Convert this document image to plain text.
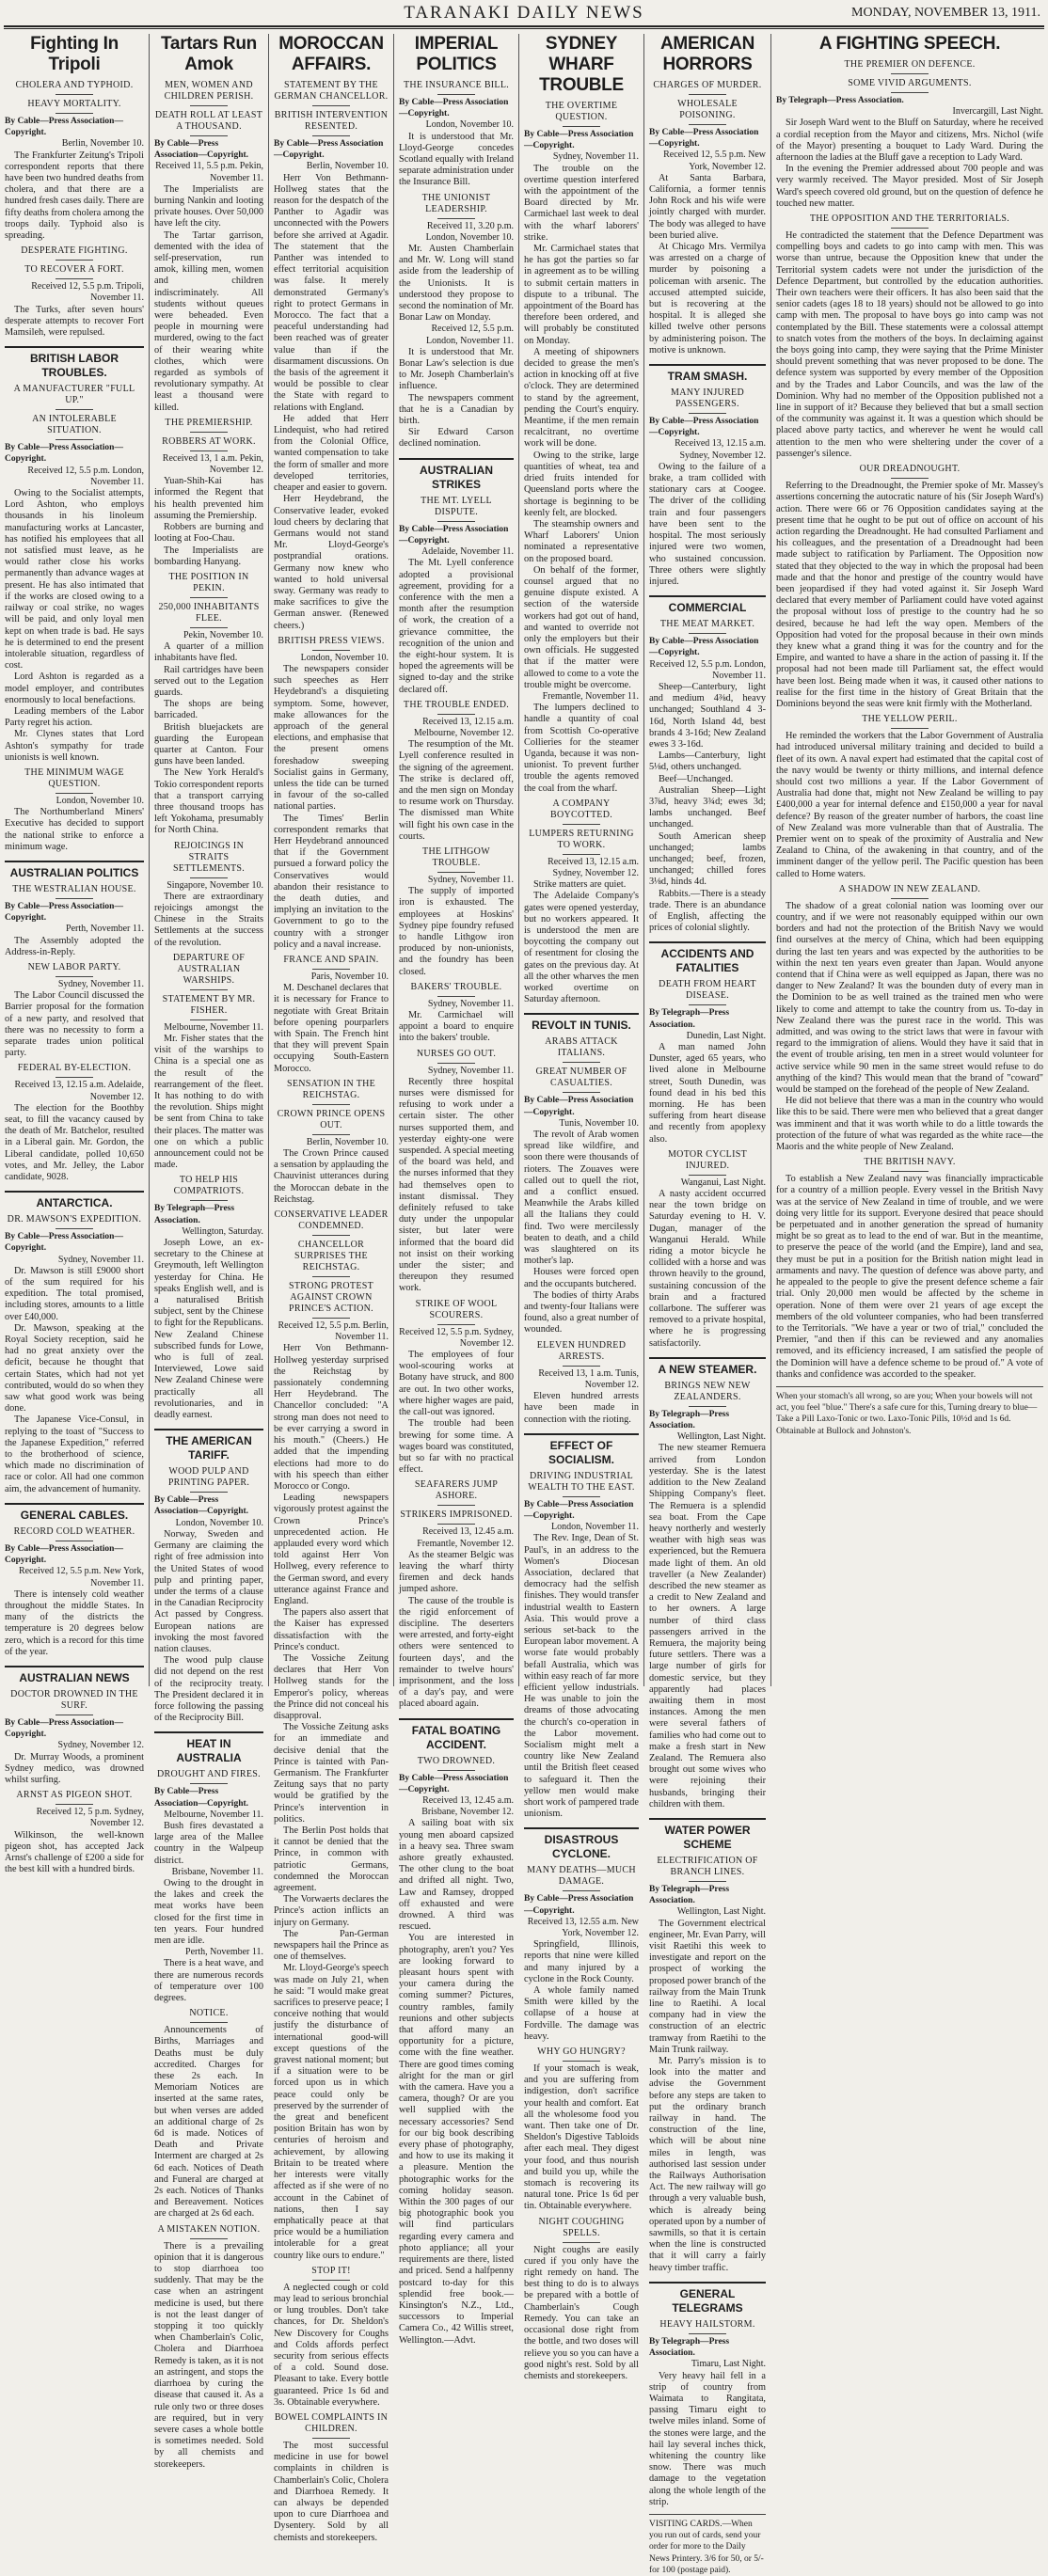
TARANAKI DAILY NEWS	MONDAY, NOVEMBER 13, 1911.
Fighting In Tripoli
CHOLERA AND TYPHOID.
HEAVY MORTALITY.
By Cable—Press Association—Copyright.
Berlin, November 10.

The Frankfurter Zeitung's Tripoli correspondent reports that there have been two hundred deaths from cholera, and that there are a hundred fresh cases daily. There are fifty deaths from cholera among the troops daily. Typhoid also is spreading.

DESPERATE FIGHTING.
TO RECOVER A FORT.
Received 12, 5.5 p.m. Tripoli, November 11.

The Turks, after seven hours' desperate attempts to recover Fort Mamsileh, were repulsed.

BRITISH LABOR TROUBLES.
A MANUFACTURER "FULL UP."
AN INTOLERABLE SITUATION.
By Cable—Press Association—Copyright.
Received 12, 5.5 p.m. London, November 11.

Owing to the Socialist attempts, Lord Ashton, who employs thousands in his linoleum manufacturing works at Lancaster, has notified his employees that all not satisfied must leave, as he would rather close his works permanently than advance wages at present. He has also intimated that if the works are closed owing to a railway or coal strike, no wages will be paid, and only loyal men kept on when trade is bad. He says he is determined to end the present intolerable situation, regardless of cost.

Lord Ashton is regarded as a model employer, and contributes enormously to local benefactions.

Leading members of the Labor Party regret his action.

Mr. Clynes states that Lord Ashton's sympathy for trade unionists is well known.

THE MINIMUM WAGE QUESTION.
London, November 10.

The Northumberland Miners' Executive has decided to support the national strike to enforce a minimum wage.

AUSTRALIAN POLITICS
THE WESTRALIAN HOUSE.
By Cable—Press Association—Copyright.
Perth, November 11.

The Assembly adopted the Address-in-Reply.

NEW LABOR PARTY.
Sydney, November 11.

The Labor Council discussed the Barrier proposal for the formation of a new party, and resolved that there was no necessity to form a separate trades union political party.

FEDERAL BY-ELECTION.
Received 13, 12.15 a.m. Adelaide, November 12.

The election for the Boothby seat, to fill the vacancy caused by the death of Mr. Batchelor, resulted in a Liberal gain. Mr. Gordon, the Liberal candidate, polled 10,650 votes, and Mr. Jelley, the Labor candidate, 9028.

ANTARCTICA.
DR. MAWSON'S EXPEDITION.
By Cable—Press Association—Copyright.
Sydney, November 11.

Dr. Mawson is still £9000 short of the sum required for his expedition. The total promised, including stores, amounts to a little over £40,000.

Dr. Mawson, speaking at the Royal Society reception, said he had no great anxiety over the deficit, because he thought that certain States, which had not yet contributed, would do so when they saw what good work was being done.

The Japanese Vice-Consul, in replying to the toast of "Success to the Japanese Expedition," referred to the brotherhood of science, which made no discrimination of race or color. All had one common aim, the advancement of humanity.

GENERAL CABLES.
RECORD COLD WEATHER.
By Cable—Press Association—Copyright.
Received 12, 5.5 p.m. New York, November 11.

There is intensely cold weather throughout the middle States. In many of the districts the temperature is 20 degrees below zero, which is a record for this time of the year.

AUSTRALIAN NEWS
DOCTOR DROWNED IN THE SURF.
By Cable—Press Association—Copyright.
Sydney, November 12.

Dr. Murray Woods, a prominent Sydney medico, was drowned whilst surfing.

ARNST AS PIGEON SHOT.
Received 12, 5 p.m. Sydney, November 12.

Wilkinson, the well-known pigeon shot, has accepted Jack Arnst's challenge of £200 a side for the best kill with a hundred birds.

Tartars Run Amok
MEN, WOMEN AND CHILDREN PERISH.
DEATH ROLL AT LEAST A THOUSAND.
By Cable—Press Association—Copyright.
Received 11, 5.5 p.m. Pekin, November 11.

The Imperialists are burning Nankin and looting private houses. Over 50,000 have left the city.

The Tartar garrison, demented with the idea of self-preservation, run amok, killing men, women and children indiscriminately. All students without queues were beheaded. Even people in mourning were murdered, owing to the fact of their wearing white clothes, which were regarded as symbols of revolutionary sympathy. At least a thousand were killed.

THE PREMIERSHIP.
ROBBERS AT WORK.
Received 13, 1 a.m. Pekin, November 12.

Yuan-Shih-Kai has informed the Regent that his health prevented him assuming the Premiership.

Robbers are burning and looting at Foo-Chau.

The Imperialists are bombarding Hanyang.

THE POSITION IN PEKIN.
250,000 INHABITANTS FLEE.
Pekin, November 10.

A quarter of a million inhabitants have fled.

Rail cartridges have been served out to the Legation guards.

The shops are being barricaded.

British bluejackets are guarding the European quarter at Canton. Four guns have been landed.

The New York Herald's Tokio correspondent reports that a transport carrying three thousand troops has left Yokohama, presumably for North China.

REJOICINGS IN STRAITS SETTLEMENTS.
Singapore, November 10.

There are extraordinary rejoicings amongst the Chinese in the Straits Settlements at the success of the revolution.

DEPARTURE OF AUSTRALIAN WARSHIPS.
STATEMENT BY MR. FISHER.
Melbourne, November 11.

Mr. Fisher states that the visit of the warships to China is a special one as the result of the rearrangement of the fleet. It has nothing to do with the revolution. Ships might be sent from China to take their places. The matter was one on which a public announcement could not be made.

TO HELP HIS COMPATRIOTS.
By Telegraph—Press Association.
Wellington, Saturday.

Joseph Lowe, an ex-secretary to the Chinese at Greymouth, left Wellington yesterday for China. He speaks English well, and is a naturalised British subject, sent by the Chinese to fight for the Republicans. New Zealand Chinese subscribed funds for Lowe, who is full of zeal. Interviewed, Lowe said New Zealand Chinese were practically all revolutionaries, and in deadly earnest.

THE AMERICAN TARIFF.
WOOD PULP AND PRINTING PAPER.
By Cable—Press Association—Copyright.
London, November 10.

Norway, Sweden and Germany are claiming the right of free admission into the United States of wood pulp and printing paper, under the terms of a clause in the Canadian Reciprocity Act passed by Congress. European nations are invoking the most favored nation clauses.

The wood pulp clause did not depend on the rest of the reciprocity treaty. The President declared it in force following the passing of the Reciprocity Bill.

HEAT IN AUSTRALIA
DROUGHT AND FIRES.
By Cable—Press Association—Copyright.
Melbourne, November 11.

Bush fires devastated a large area of the Mallee country in the Walpeup district.

Brisbane, November 11.

Owing to the drought in the lakes and creek the meat works have been closed for the first time in ten years. Four hundred men are idle.

Perth, November 11.

There is a heat wave, and there are numerous records of temperature over 100 degrees.

NOTICE.

Announcements of Births, Marriages and Deaths must be duly accredited. Charges for these 2s each. In Memoriam Notices are inserted at the same rates, but when verses are added an additional charge of 2s 6d is made. Notices of Death and Private Interment are charged at 2s 6d each. Notices of Death and Funeral are charged at 2s each. Notices of Thanks and Bereavement. Notices are charged at 2s 6d each.

A MISTAKEN NOTION.

There is a prevailing opinion that it is dangerous to stop diarrhoea too suddenly. That may be the case when an astringent medicine is used, but there is not the least danger of stopping it too quickly when Chamberlain's Colic, Cholera and Diarrhoea Remedy is taken, as it is not an astringent, and stops the diarrhoea by curing the disease that caused it. As a rule only two or three doses are required, but in very severe cases a whole bottle is sometimes needed. Sold by all chemists and storekeepers.

MOROCCAN AFFAIRS.
STATEMENT BY THE GERMAN CHANCELLOR.
BRITISH INTERVENTION RESENTED.
By Cable—Press Association—Copyright.
Berlin, November 10.

Herr Von Bethmann-Hollweg states that the reason for the despatch of the Panther to Agadir was unconnected with the Powers before she arrived at Agadir. The statement that the Panther was intended to effect territorial acquisition was false. It merely demonstrated Germany's right to protect Germans in Morocco. The fact that a peaceful understanding had been reached was of greater value than if the disarmament discussions. On the basis of the agreement it would be possible to clear the State with regard to relations with England.

He added that Herr Lindequist, who had retired from the Colonial Office, wanted compensation to take the form of smaller and more developed territories, cheaper and easier to govern.

Herr Heydebrand, the Conservative leader, evoked loud cheers by declaring that Germans would not stand Mr. Lloyd-George's postprandial orations. Germany now knew who wanted to hold universal sway. Germany was ready to make sacrifices to give the German answer. (Renewed cheers.)

BRITISH PRESS VIEWS.
London, November 10.

The newspapers consider such speeches as Herr Heydebrand's a disquieting symptom. Some, however, make allowances for the approach of the general elections, and emphasise that the present omens foreshadow sweeping Socialist gains in Germany, unless the tide can be turned in favour of the so-called national parties.

The Times' Berlin correspondent remarks that Herr Heydebrand announced that if the Government pursued a forward policy the Conservatives would abandon their resistance to the death duties, and implying an invitation to the Government to go to the country with a stronger policy and a naval increase.

FRANCE AND SPAIN.
Paris, November 10.

M. Deschanel declares that it is necessary for France to negotiate with Great Britain before opening pourparlers with Spain. The French hint that they will prevent Spain occupying South-Eastern Morocco.

SENSATION IN THE REICHSTAG.
CROWN PRINCE OPENS OUT.
Berlin, November 10.

The Crown Prince caused a sensation by applauding the Chauvinist utterances during the Moroccan debate in the Reichstag.

CONSERVATIVE LEADER CONDEMNED.
CHANCELLOR SURPRISES THE REICHSTAG.
STRONG PROTEST AGAINST CROWN PRINCE'S ACTION.
Received 12, 5.5 p.m. Berlin, November 11.

Herr Von Bethmann-Hollweg yesterday surprised the Reichstag by passionately condemning Herr Heydebrand. The Chancellor concluded: "A strong man does not need to be ever carrying a sword in his mouth." (Cheers.) He added that the impending elections had more to do with his speech than either Morocco or Congo.

Leading newspapers vigorously protest against the Crown Prince's unprecedented action. He applauded every word which told against Herr Von Hollweg, every reference to the German sword, and every utterance against France and England.

The papers also assert that the Kaiser has expressed dissatisfaction with the Prince's conduct.

The Vossiche Zeitung declares that Herr Von Hollweg stands for the Emperor's policy, whereas the Prince did not conceal his disapproval.

The Vossiche Zeitung asks for an immediate and decisive denial that the Prince is tainted with Pan-Germanism. The Frankfurter Zeitung says that no party would be gratified by the Prince's intervention in politics.

The Berlin Post holds that it cannot be denied that the Prince, in common with patriotic Germans, condemned the Moroccan agreement.

The Vorwaerts declares the Prince's action inflicts an injury on Germany.

The Pan-German newspapers hail the Prince as one of themselves.

Mr. Lloyd-George's speech was made on July 21, when he said: "I would make great sacrifices to preserve peace; I conceive nothing that would justify the disturbance of international good-will except questions of the gravest national moment; but if a situation were to be forced upon us in which peace could only be preserved by the surrender of the great and beneficent position Britain has won by centuries of heroism and achievement, by allowing Britain to be treated where her interests were vitally affected as if she were of no account in the Cabinet of nations, then I say emphatically peace at that price would be a humiliation intolerable for a great country like ours to endure."

STOP IT!

A neglected cough or cold may lead to serious bronchial or lung troubles. Don't take chances, for Dr. Sheldon's New Discovery for Coughs and Colds affords perfect security from serious effects of a cold. Sound dose. Pleasant to take. Every bottle guaranteed. Price 1s 6d and 3s. Obtainable everywhere.

BOWEL COMPLAINTS IN CHILDREN.

The most successful medicine in use for bowel complaints in children is Chamberlain's Colic, Cholera and Diarrhoea Remedy. It can always be depended upon to cure Diarrhoea and Dysentery. Sold by all chemists and storekeepers.

IMPERIAL POLITICS
THE INSURANCE BILL.
By Cable—Press Association—Copyright.
London, November 10.

It is understood that Mr. Lloyd-George concedes Scotland equally with Ireland separate administration under the Insurance Bill.

THE UNIONIST LEADERSHIP.
Received 11, 3.20 p.m. London, November 10.

Mr. Austen Chamberlain and Mr. W. Long will stand aside from the leadership of the Unionists. It is understood they propose to second the nomination of Mr. Bonar Law on Monday.

Received 12, 5.5 p.m. London, November 11.

It is understood that Mr. Bonar Law's selection is due to Mr. Joseph Chamberlain's influence.

The newspapers comment that he is a Canadian by birth.

Sir Edward Carson declined nomination.

AUSTRALIAN STRIKES
THE MT. LYELL DISPUTE.
By Cable—Press Association—Copyright.
Adelaide, November 11.

The Mt. Lyell conference adopted a provisional agreement, providing for a conference with the men a month after the resumption of work, the creation of a grievance committee, the recognition of the union and the eight-hour system. It is hoped the agreements will be signed to-day and the strike declared off.

THE TROUBLE ENDED.
Received 13, 12.15 a.m. Melbourne, November 12.

The resumption of the Mt. Lyell conference resulted in the signing of the agreement. The strike is declared off, and the men sign on Monday to resume work on Thursday. The dismissed man White will fight his own case in the courts.

THE LITHGOW TROUBLE.
Sydney, November 11.

The supply of imported iron is exhausted. The employees at Hoskins' Sydney pipe foundry refused to handle Lithgow iron produced by non-unionists, and the foundry has been closed.

BAKERS' TROUBLE.
Sydney, November 11.

Mr. Carmichael will appoint a board to enquire into the bakers' trouble.

NURSES GO OUT.
Sydney, November 11.

Recently three hospital nurses were dismissed for refusing to work under a certain sister. The other nurses supported them, and yesterday eighty-one were suspended. A special meeting of the board was held, and the nurses informed that they had themselves open to instant dismissal. They definitely refused to take duty under the unpopular sister, but later were informed that the board did not insist on their working under the sister; and thereupon they resumed work.

STRIKE OF WOOL SCOURERS.
Received 12, 5.5 p.m. Sydney, November 12.

The employees of four wool-scouring works at Botany have struck, and 800 are out. In two other works, where higher wages are paid, the call-out was ignored.

The trouble had been brewing for some time. A wages board was constituted, but so far with no practical effect.

SEAFARERS JUMP ASHORE.
STRIKERS IMPRISONED.
Received 13, 12.45 a.m. Fremantle, November 12.

As the steamer Belgic was leaving the wharf thirty firemen and deck hands jumped ashore.

The cause of the trouble is the rigid enforcement of discipline. The deserters were arrested, and forty-eight others were sentenced to fourteen days', and the remainder to twelve hours' imprisonment, and the loss of a day's pay, and were placed aboard again.

FATAL BOATING ACCIDENT.
TWO DROWNED.
By Cable—Press Association—Copyright.
Received 13, 12.45 a.m. Brisbane, November 12.

A sailing boat with six young men aboard capsized in a heavy sea. Three swam ashore greatly exhausted. The other clung to the boat and drifted all night. Two, Law and Ramsey, dropped off exhausted and were drowned. A third was rescued.

You are interested in photography, aren't you? Yes are looking forward to pleasant hours spent with your camera during the coming summer? Pictures, country rambles, family reunions and other subjects that afford many an opportunity for a picture, come with the fine weather. There are good times coming alright for the man or girl with the camera. Have you a camera, though? Or are you well supplied with the necessary accessories? Send for our big book describing every phase of photography, and how to use its making it a pleasure. Mention the photographic works for the coming holiday season. Within the 300 pages of our big photographic book you will find particulars regarding every camera and photo appliance; all your requirements are there, listed and priced. Send a halfpenny postcard to-day for this splendid free book.—Kinsington's N.Z., Ltd., successors to Imperial Camera Co., 42 Willis street, Wellington.—Advt.

SYDNEY WHARF TROUBLE
THE OVERTIME QUESTION.
By Cable—Press Association—Copyright.
Sydney, November 11.

The trouble on the overtime question interfered with the appointment of the Board directed by Mr. Carmichael last week to deal with the wharf laborers' strike.

Mr. Carmichael states that he has got the parties so far in agreement as to be willing to submit certain matters in dispute to a tribunal. The appointment of the Board has therefore been ordered, and will probably be constituted on Monday.

A meeting of shipowners decided to grease the men's action in knocking off at five o'clock. They are determined to stand by the agreement, pending the Court's enquiry. Meantime, if the men remain recalcitrant, no overtime work will be done.

Owing to the strike, large quantities of wheat, tea and dried fruits intended for Queensland ports where the shortage is beginning to be keenly felt, are blocked.

The steamship owners and Wharf Laborers' Union nominated a representative on the proposed board.

On behalf of the former, counsel argued that no genuine dispute existed. A section of the waterside workers had got out of hand, and wanted to override not only the employers but their own officials. He suggested that if the matter were allowed to come to a vote the trouble might be overcome.

Fremantle, November 11.

The lumpers declined to handle a quantity of coal from Scottish Co-operative Collieries for the steamer Uganda, because it was non-unionist. To prevent further trouble the agents removed the coal from the wharf.

A COMPANY BOYCOTTED.
LUMPERS RETURNING TO WORK.
Received 13, 12.15 a.m. Sydney, November 12.

Strike matters are quiet.

The Adelaide Company's gates were opened yesterday, but no workers appeared. It is understood the men are boycotting the company out of resentment for closing the gates on the previous day. At all the other wharves the men worked overtime on Saturday afternoon.

REVOLT IN TUNIS.
ARABS ATTACK ITALIANS.
GREAT NUMBER OF CASUALTIES.
By Cable—Press Association—Copyright.
Tunis, November 10.

The revolt of Arab women spread like wildfire, and soon there were thousands of rioters. The Zouaves were called out to quell the riot, and a conflict ensued. Meanwhile the Arabs killed all the Italians they could find. Two were mercilessly beaten to death, and a child was slaughtered on its mother's lap.

Houses were forced open and the occupants butchered.

The bodies of thirty Arabs and twenty-four Italians were found, also a great number of wounded.

ELEVEN HUNDRED ARRESTS.
Received 13, 1 a.m. Tunis, November 12.

Eleven hundred arrests have been made in connection with the rioting.

EFFECT OF SOCIALISM.
DRIVING INDUSTRIAL WEALTH TO THE EAST.
By Cable—Press Association—Copyright.
London, November 11.

The Rev. Inge, Dean of St. Paul's, in an address to the Women's Diocesan Association, declared that democracy had the selfish finishes. They would transfer industrial wealth to Eastern Asia. This would prove a serious set-back to the European labor movement. A worse fate would probably befall Australia, which was within easy reach of far more efficient yellow industrials. He was unable to join the dreams of those advocating the church's co-operation in the Labor movement. Socialism might melt a country like New Zealand until the British fleet ceased to safeguard it. Then the yellow men would make short work of pampered trade unionism.

DISASTROUS CYCLONE.
MANY DEATHS—MUCH DAMAGE.
By Cable—Press Association—Copyright.
Received 13, 12.55 a.m. New York, November 12.

Springfield, Illinois, reports that nine were killed and many injured by a cyclone in the Rock County.

A whole family named Smith were killed by the collapse of a house at Fordville. The damage was heavy.

WHY GO HUNGRY?

If your stomach is weak, and you are suffering from indigestion, don't sacrifice your health and comfort. Eat all the wholesome food you want. Then take one of Dr. Sheldon's Digestive Tabloids after each meal. They digest your food, and thus nourish and build you up, while the stomach is recovering its natural tone. Price 1s 6d per tin. Obtainable everywhere.

NIGHT COUGHING SPELLS.

Night coughs are easily cured if you only have the right remedy on hand. The best thing to do is to always be prepared with a bottle of Chamberlain's Cough Remedy. You can take an occasional dose right from the bottle, and two doses will relieve you so you can have a good night's rest. Sold by all chemists and storekeepers.

AMERICAN HORRORS
CHARGES OF MURDER.
WHOLESALE POISONING.
By Cable—Press Association—Copyright.
Received 12, 5.5 p.m. New York, November 12.

At Santa Barbara, California, a former tennis John Rock and his wife were jointly charged with murder. The body was alleged to have been buried alive.

At Chicago Mrs. Vermilya was arrested on a charge of murder by poisoning a policeman with arsenic. The accused attempted suicide, but is recovering at the hospital. It is alleged she killed twelve other persons by administering poison. The motive is unknown.

TRAM SMASH.
MANY INJURED PASSENGERS.
By Cable—Press Association—Copyright.
Received 13, 12.15 a.m. Sydney, November 12.

Owing to the failure of a brake, a tram collided with stationary cars at Coogee. The driver of the colliding train and four passengers have been sent to the hospital. The most seriously injured were two women, who sustained concussion. Three others were slightly injured.

COMMERCIAL
THE MEAT MARKET.
By Cable—Press Association—Copyright.
Received 12, 5.5 p.m. London, November 11.

Sheep—Canterbury, light and medium 4⅜d, heavy unchanged; Southland 4 3-16d, North Island 4d, best brands 4 3-16d; New Zealand ewes 3 3-16d.

Lambs—Canterbury, light 5⅛d, others unchanged.

Beef—Unchanged.

Australian Sheep—Light 3⅞d, heavy 3¾d; ewes 3d; lambs unchanged. Beef unchanged.

South American sheep unchanged; lambs unchanged; beef, frozen, unchanged; chilled fores 3⅛d, hinds 4d.

Rabbits.—There is a steady trade. There is an abundance of English, affecting the prices of colonial slightly.

ACCIDENTS AND FATALITIES
DEATH FROM HEART DISEASE.
By Telegraph—Press Association.
Dunedin, Last Night.

A man named John Dunster, aged 65 years, who lived alone in Melbourne street, South Dunedin, was found dead in his bed this morning. He has been suffering from heart disease and recently from apoplexy also.

MOTOR CYCLIST INJURED.
Wanganui, Last Night.

A nasty accident occurred near the town bridge on Saturday evening to H. V. Dugan, manager of the Wanganui Herald. While riding a motor bicycle he collided with a horse and was thrown heavily to the ground, sustaining concussion of the brain and a fractured collarbone. The sufferer was removed to a private hospital, where he is progressing satisfactorily.

A NEW STEAMER.
BRINGS NEW NEW ZEALANDERS.
By Telegraph—Press Association.
Wellington, Last Night.

The new steamer Remuera arrived from London yesterday. She is the latest addition to the New Zealand Shipping Company's fleet. The Remuera is a splendid sea boat. From the Cape heavy northerly and westerly weather with high seas was experienced, but the Remuera made light of them. An old traveller (a New Zealander) described the new steamer as a credit to New Zealand and to her owners. A large number of third class passengers arrived in the Remuera, the majority being future settlers. There was a large number of girls for domestic service, but they apparently had places awaiting them in most instances. Among the men were several fathers of families who had come out to make a fresh start in New Zealand. The Remuera also brought out some wives who were rejoining their husbands, bringing their children with them.

WATER POWER SCHEME
ELECTRIFICATION OF BRANCH LINES.
By Telegraph—Press Association.
Wellington, Last Night.

The Government electrical engineer, Mr. Evan Parry, will visit Raetihi this week to investigate and report on the prospect of working the proposed power branch of the railway from the Main Trunk line to Raetihi. A local company had in view the construction of an electric tramway from Raetihi to the Main Trunk railway.

Mr. Parry's mission is to look into the matter and advise the Government before any steps are taken to put the ordinary branch railway in hand. The construction of the line, which will be about nine miles in length, was authorised last session under the Railways Authorisation Act. The new railway will go through a very valuable bush, which is already being operated upon by a number of sawmills, so that it is certain when the line is constructed that it will carry a fairly heavy timber traffic.

GENERAL TELEGRAMS
HEAVY HAILSTORM.
By Telegraph—Press Association.
Timaru, Last Night.

Very heavy hail fell in a strip of country from Waimata to Rangitata, passing Timaru eight to twelve miles inland. Some of the stones were large, and the hail lay several inches thick, whitening the country like snow. There was much damage to the vegetation along the whole length of the strip.

VISITING CARDS.—When you run out of cards, send your order for more to the Daily News Printery. 3/6 for 50, or 5/- for 100 (postage paid).
A FIGHTING SPEECH.
THE PREMIER ON DEFENCE.
SOME VIVID ARGUMENTS.
By Telegraph—Press Association.
Invercargill, Last Night.

Sir Joseph Ward went to the Bluff on Saturday, where he received a cordial reception from the Mayor and citizens, Mrs. Nichol (wife of the Mayor) presenting a bouquet to Lady Ward. During the afternoon the ladies at the Bluff gave a reception to Lady Ward.

In the evening the Premier addressed about 700 people and was very warmly received. The Mayor presided. Most of Sir Joseph Ward's speech covered old ground, but on the question of defence he touched new matter.

THE OPPOSITION AND THE TERRITORIALS.

He contradicted the statement that the Defence Department was compelling boys and cadets to go into camp with men. This was worse than untrue, because the Opposition knew that under the Territorial system cadets were not under the jurisdiction of the Defence Department, but controlled by the education authorities. Their own teachers were their officers. It has also been said that the senior cadets (ages 18 to 18 years) should not be allowed to go into camp with men. The proposal to have boys go into camp was not contemplated by the Bill. These statements were a colossal attempt to snatch votes from the mothers of the boys. In declaiming against the boys going into camp, they were saying that the Prime Minister should prevent something that was never proposed to be done. The defence system was supported by every member of the Opposition and by the Trades and Labor Councils, and was the law of the Dominion. Why had no member of the Opposition published not a line in support of it? Because they believed that but a small section of the community was against it. It was a question which should be placed above party tactics, and wherever he went he would call attention to the men who were sheltering under the cover of a passenger's silence.

OUR DREADNOUGHT.

Referring to the Dreadnought, the Premier spoke of Mr. Massey's assertions concerning the autocratic nature of his (Sir Joseph Ward's) action. There were 66 or 76 Opposition candidates saying at the present time that he ought to be put out of office on account of his action regarding the Dreadnought. He had consulted Parliament and his colleagues, and the presentation of a Dreadnought had been made subject to ratification by Parliament. The Opposition now stated that they objected to the way in which the proposal had been made and that the honor and prestige of the country would have been jeopardised if they had voted against it. Sir Joseph Ward declared that every member of Parliament could have voted against the proposal without loss of prestige to the country had he so desired, because he had left the way open. Members of the Opposition had voted for the proposal because in their own minds they knew what a grand thing it was for the country and for the Empire, and wanted to have a share in the action of passing it. If the proposal had not been made till Parliament sat, the effect would have been lost. Being made when it was, it caused other nations to realise for the first time in the history of Great Britain that the Dominions beyond the seas were knit firmly with the Motherland.

THE YELLOW PERIL.

He reminded the workers that the Labor Government of Australia had introduced universal military training and decided to build a fleet of its own. A naval expert had estimated that the capital cost of the navy would be twenty or thirty millions, and internal defence should cost two millions a year. If the Labor Government of Australia had done that, might not New Zealand be willing to pay £400,000 a year for internal defence and £150,000 a year for naval defence? By reason of the greater number of harbors, the coast line of New Zealand was more vulnerable than that of Australia. The Premier went on to speak of the proximity of Australia and New Zealand to China, of the awakening in that country, and of the imminent danger of the yellow peril. The Pacific question has been called to Home waters.

A SHADOW IN NEW ZEALAND.

The shadow of a great colonial nation was looming over our country, and if we were not reasonably equipped within our own borders and had not the protection of the British Navy we would find ourselves at the mercy of China, which had been equipping during the last ten years and was expected by the authorities to be within the next ten years even greater than Japan. Would anyone contend that if China were as well equipped as Japan, there was no danger to New Zealand? It was the bounden duty of every man in the Dominion to be as well trained as the trained men who were likely to come and attempt to take the country from us. To-day in New Zealand there was the purest race in the world. This was admitted, and was owing to the strict laws that were in favour with regard to the immigration of aliens. Would they have it said that in the event of trouble arising, ten men in a street would volunteer for active service while 90 men in the same street would refuse to do anything of the kind? This would mean that the brand of "coward" would be stamped on the forehead of the people of New Zealand.

He did not believe that there was a man in the country who would like this to be said. There were men who believed that a great danger was imminent and that it was worth while to do a little towards the protection of the future of what was regarded as the white race—the Maoris and the white people of New Zealand.

THE BRITISH NAVY.

To establish a New Zealand navy was financially impracticable for a country of a million people. Every vessel in the British Navy was at the service of New Zealand in time of trouble, and we were doing very little for its support. Everyone desired that peace should be perpetuated and in another generation the spread of humanity might be so great as to lead to the end of war. But in the meantime, to preserve the peace of the world (and the Empire), land and sea, they must be put in a position for the British nation might lead in armaments and navy. The question of defence was above party, and he appealed to the people to give the present defence scheme a fair trial. Only 20,000 men would be affected by the scheme in operation. None of them were over 21 years of age except the members of the old volunteer companies, who had been transferred to the Territorials. "We have a year or two of trial," concluded the Premier, "and then if this can be reviewed and any anomalies removed, and its efficiency increased, I am satisfied the people of the Dominion will have a defence scheme to be proud of." A vote of thanks and confidence was accorded to the speaker.

When your stomach's all wrong, so are you; When your bowels will not act, you feel "blue." There's a safe cure for this, Turning dreary to blue— Take a Pill Laxo-Tonic or two. Laxo-Tonic Pills, 10½d and 1s 6d. Obtainable at Bullock and Johnston's.
